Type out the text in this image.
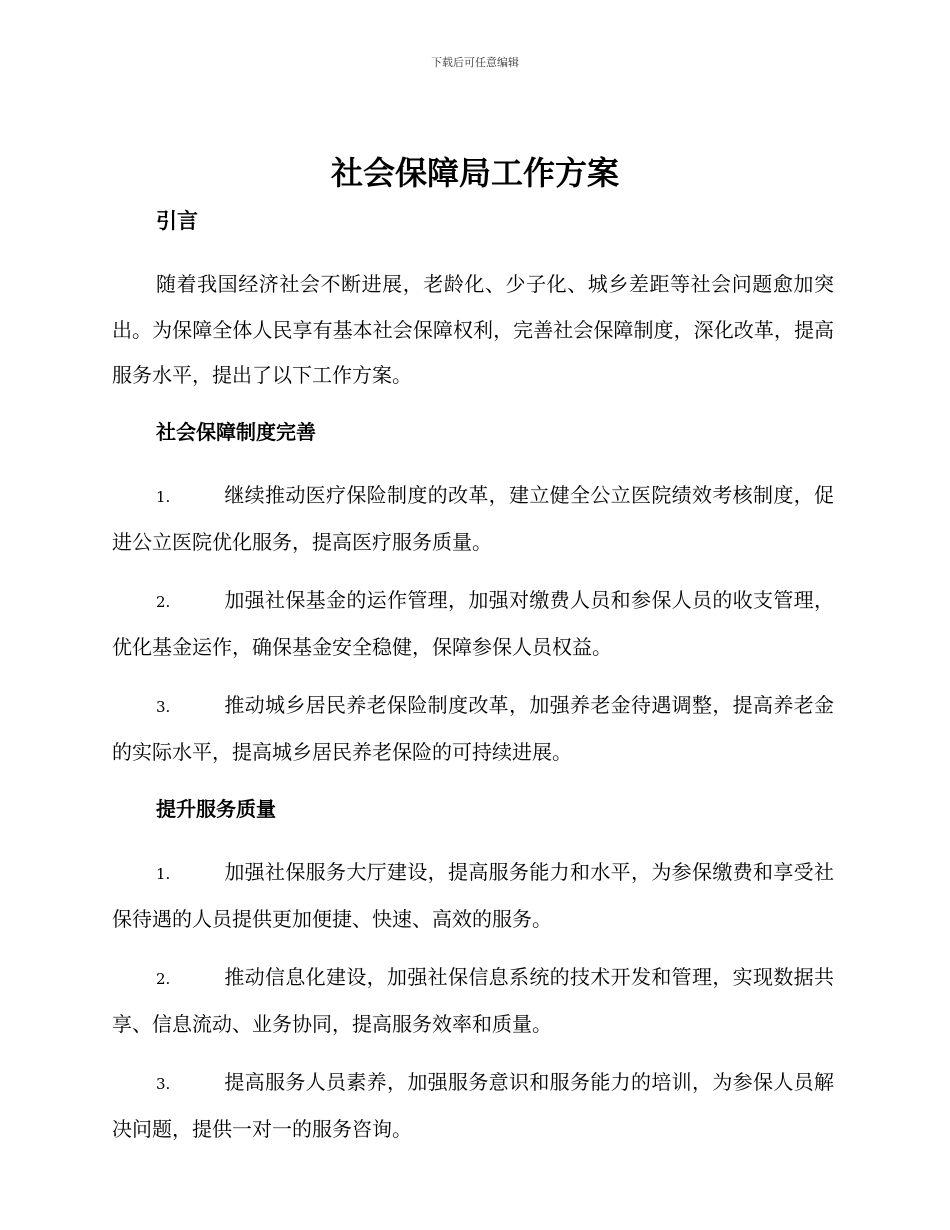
下载后可任意编辑
社会保障局工作方案
引言

随着我国经济社会不断进展，老龄化、少子化、城乡差距等社会问题愈加突出。为保障全体人民享有基本社会保障权利，完善社会保障制度，深化改革，提高服务水平，提出了以下工作方案。

社会保障制度完善

1.	继续推动医疗保险制度的改革，建立健全公立医院绩效考核制度，促进公立医院优化服务，提高医疗服务质量。

2.	加强社保基金的运作管理，加强对缴费人员和参保人员的收支管理，优化基金运作，确保基金安全稳健，保障参保人员权益。

3.	推动城乡居民养老保险制度改革，加强养老金待遇调整，提高养老金的实际水平，提高城乡居民养老保险的可持续进展。

提升服务质量

1.	加强社保服务大厅建设，提高服务能力和水平，为参保缴费和享受社保待遇的人员提供更加便捷、快速、高效的服务。

2.	推动信息化建设，加强社保信息系统的技术开发和管理，实现数据共享、信息流动、业务协同，提高服务效率和质量。

3.	提高服务人员素养，加强服务意识和服务能力的培训，为参保人员解决问题，提供一对一的服务咨询。
